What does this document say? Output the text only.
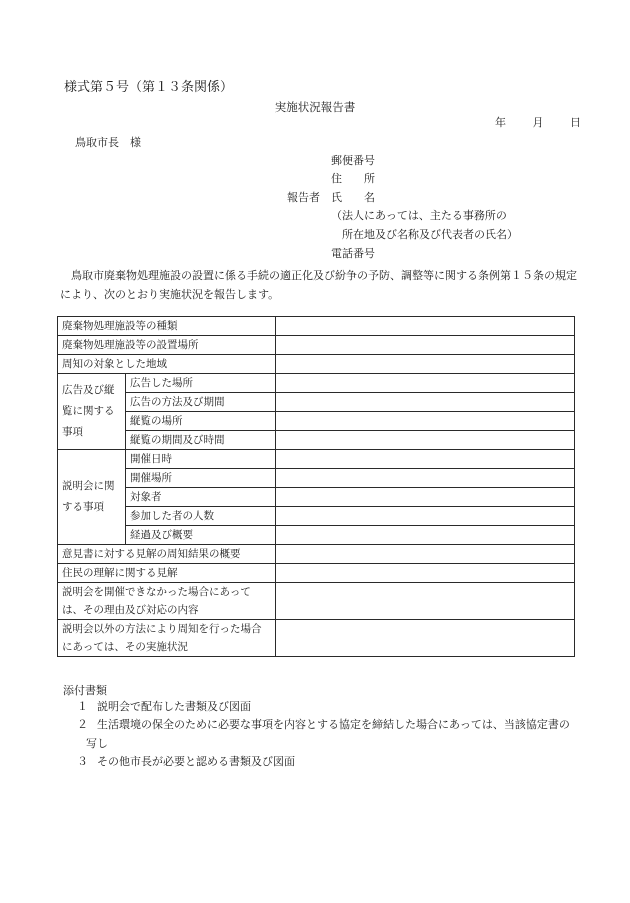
様式第５号（第１３条関係）
実施状況報告書
年 月 日
鳥取市長　様
郵便番号
住　　所
報告者 氏　　名
（法人にあっては、主たる事務所の
所在地及び名称及び代表者の氏名）
電話番号
鳥取市廃棄物処理施設の設置に係る手続の適正化及び紛争の予防、調整等に関する条例第１５条の規定により、次のとおり実施状況を報告します。
廃棄物処理施設等の種類		
廃棄物処理施設等の設置場所		
周知の対象とした地域		
広告及び縦覧に関する事項	広告した場所	
	広告の方法及び期間	
	縦覧の場所	
	縦覧の期間及び時間	
説明会に関する事項	開催日時	
	開催場所	
	対象者	
	参加した者の人数	
	経過及び概要	
意見書に対する見解の周知結果の概要		
住民の理解に関する見解		
説明会を開催できなかった場合にあっては、その理由及び対応の内容		
説明会以外の方法により周知を行った場合にあっては、その実施状況		
添付書類
１ 説明会で配布した書類及び図面
２ 生活環境の保全のために必要な事項を内容とする協定を締結した場合にあっては、当該協定書の
写し
３ その他市長が必要と認める書類及び図面
